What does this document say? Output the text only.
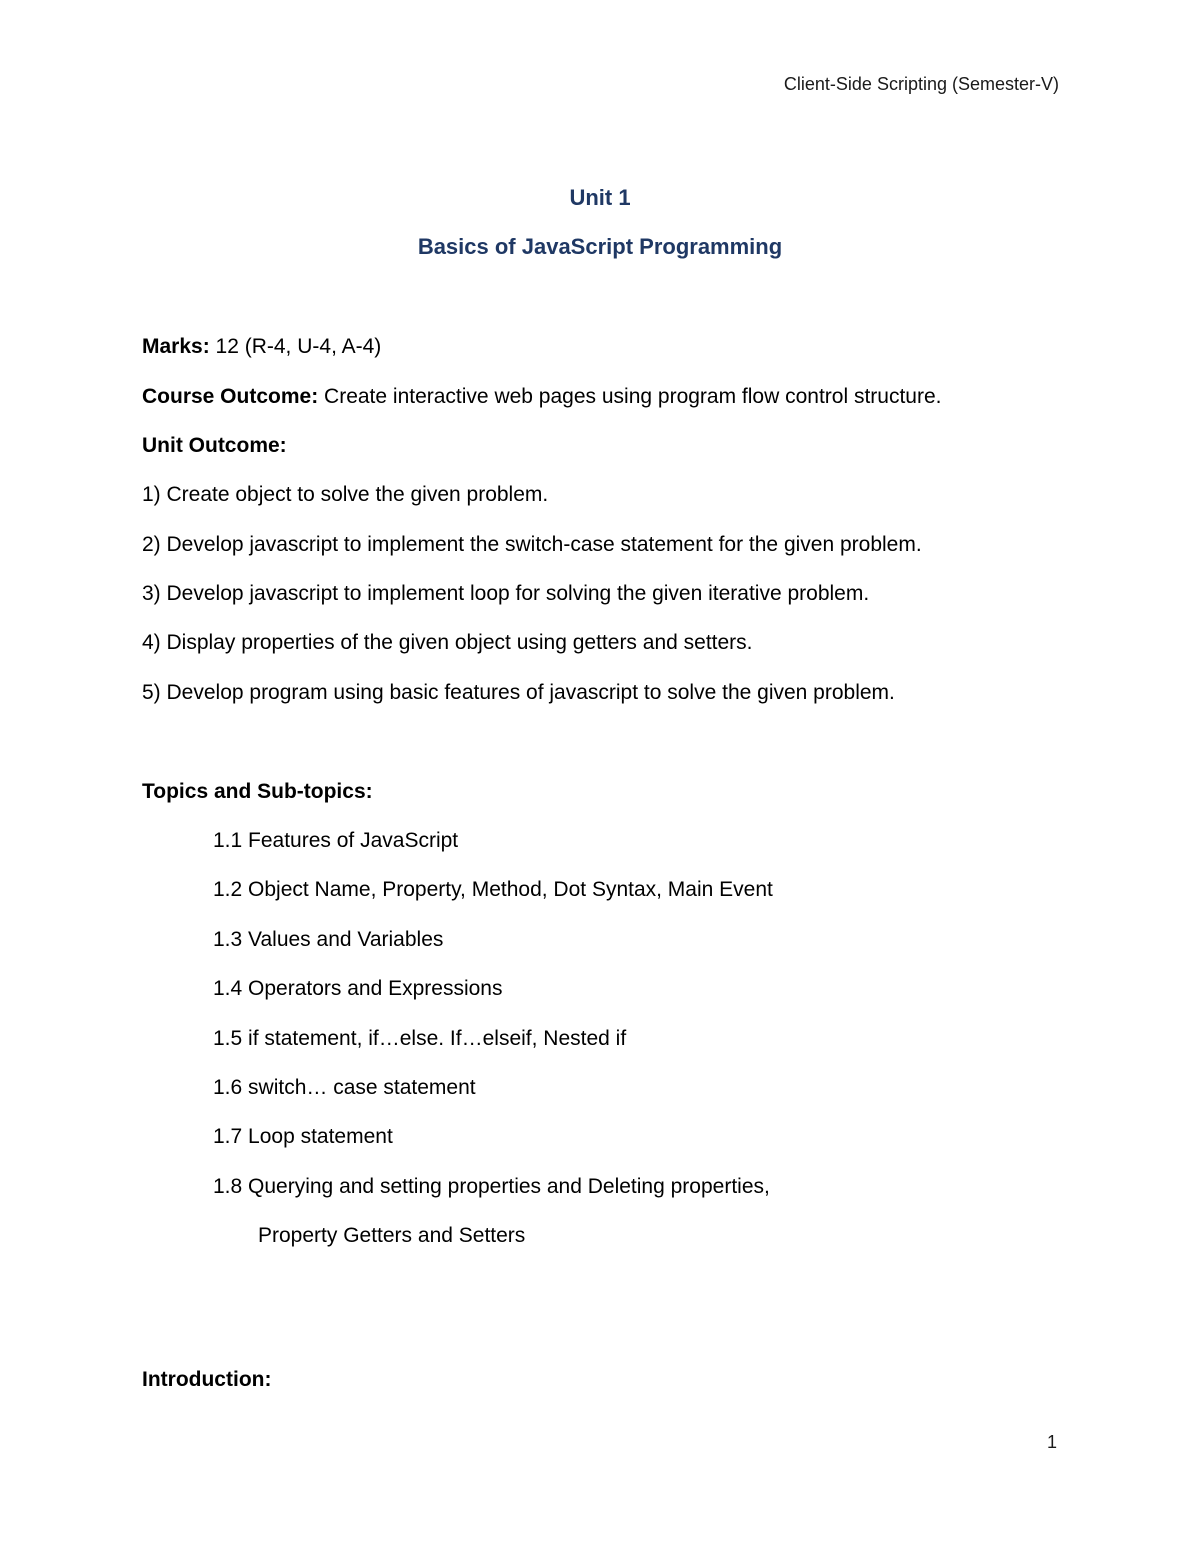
Client-Side Scripting (Semester-V)
Unit 1
Basics of JavaScript Programming
Marks: 12 (R-4, U-4, A-4)
Course Outcome: Create interactive web pages using program flow control structure.
Unit Outcome:
1) Create object to solve the given problem.
2) Develop javascript to implement the switch-case statement for the given problem.
3) Develop javascript to implement loop for solving the given iterative problem.
4) Display properties of the given object using getters and setters.
5) Develop program using basic features of javascript to solve the given problem.
Topics and Sub-topics:
1.1 Features of JavaScript
1.2 Object Name, Property, Method, Dot Syntax, Main Event
1.3 Values and Variables
1.4 Operators and Expressions
1.5 if statement, if…else. If…elseif, Nested if
1.6 switch… case statement
1.7 Loop statement
1.8 Querying and setting properties and Deleting properties,
Property Getters and Setters
Introduction:
1
